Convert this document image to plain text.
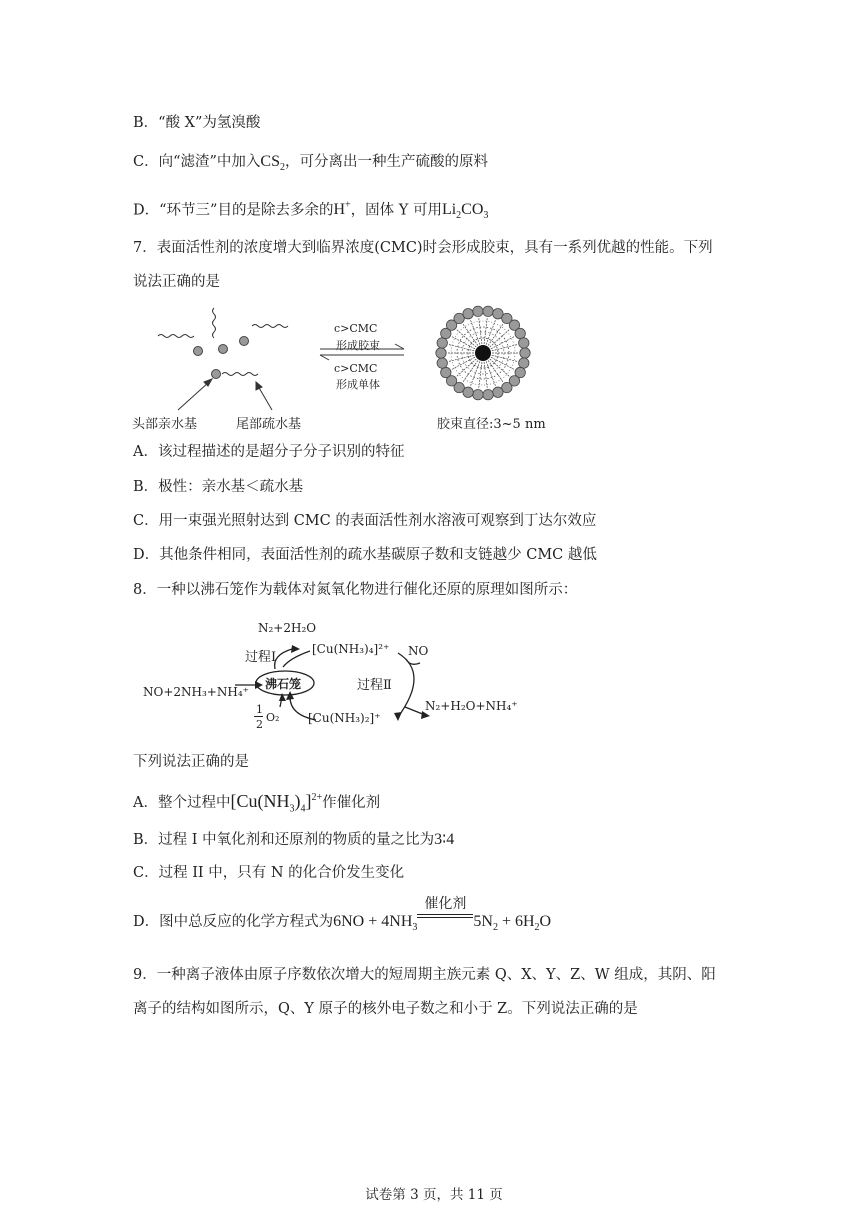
B．“酸 X”为氢溴酸
C．向“滤渣”中加入$CS_2$，可分离出一种生产硫酸的原料
D．“环节三”目的是除去多余的H+，固体 Y 可用$Li_2CO_3$
7．表面活性剂的浓度增大到临界浓度(CMC)时会形成胶束，具有一系列优越的性能。下列
说法正确的是
c>CMC
形成胶束
c>CMC
形成单体
头部亲水基	尾部疏水基	胶束直径:3~5 nm
A．该过程描述的是超分子分子识别的特征
B．极性：亲水基＜疏水基
C．用一束强光照射达到 CMC 的表面活性剂水溶液可观察到丁达尔效应
D．其他条件相同，表面活性剂的疏水基碳原子数和支链越少 CMC 越低
8．一种以沸石笼作为载体对氮氧化物进行催化还原的原理如图所示：
N₂+2H₂O
过程Ⅰ
[Cu(NH₃)₄]²⁺ NO
沸石笼	过程Ⅱ
NO+2NH₃+NH₄⁺
N₂+H₂O+NH₄⁺
1
2
O₂ [Cu(NH₃)₂]⁺
下列说法正确的是
A．整个过程中$[Cu(NH_3)_4]^{2+}$作催化剂
B．过程 I 中氧化剂和还原剂的物质的量之比为3∶4
C．过程 II 中，只有 N 的化合价发生变化
D．图中总反应的化学方程式为$6NO + 4NH_3$
催化剂
$5N_2 + 6H_2O$
9．一种离子液体由原子序数依次增大的短周期主族元素 Q、X、Y、Z、W 组成，其阴、阳
离子的结构如图所示，Q、Y 原子的核外电子数之和小于 Z。下列说法正确的是
试卷第 3 页，共 11 页
